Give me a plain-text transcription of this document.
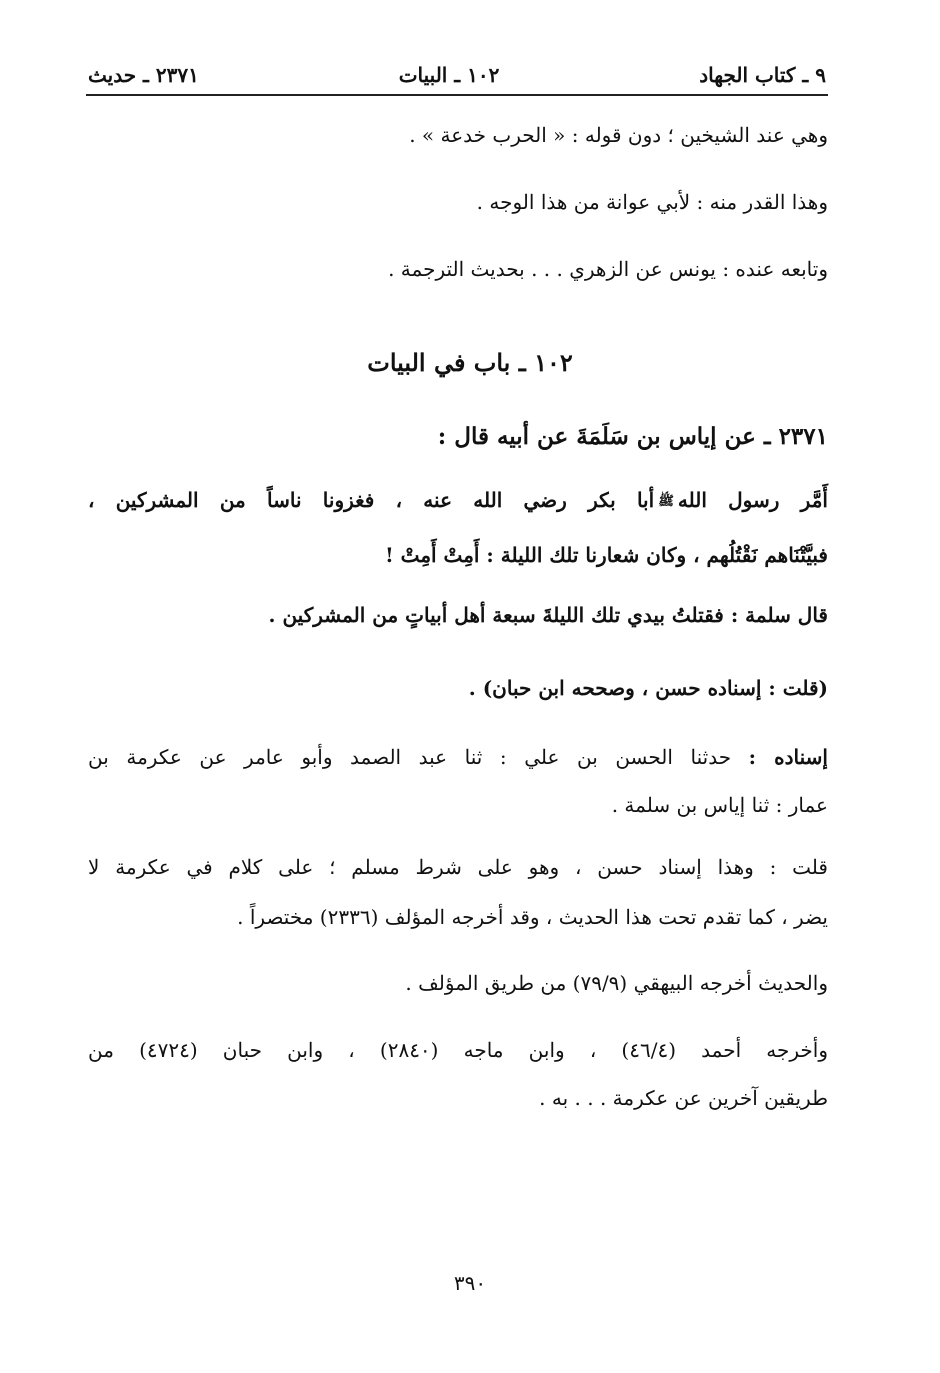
٩ ـ كتاب الجهاد
١٠٢ ـ البيات
٢٣٧١ ـ حديث
وهي عند الشيخين ؛ دون قوله : « الحرب خدعة » .
وهذا القدر منه : لأبي عوانة من هذا الوجه .
وتابعه عنده : يونس عن الزهري . . . بحديث الترجمة .
١٠٢ ـ باب في البيات
٢٣٧١ ـ عن إياس بن سَلَمَةَ عن أبيه قال :
أَمَّر رسول اللهﷺأبا بكر رضي الله عنه ، فغزونا ناساً من المشركين ،
فبيَّتْنَاهم نَقْتُلُهم ، وكان شعارنا تلك الليلة : أَمِتْ أَمِتْ !
قال سلمة : فقتلتُ بيدي تلك الليلةَ سبعة أهل أبياتٍ من المشركين .
(قلت : إسناده حسن ، وصححه ابن حبان) .
إسناده : حدثنا الحسن بن علي : ثنا عبد الصمد وأبو عامر عن عكرمة بن
عمار : ثنا إياس بن سلمة .
قلت : وهذا إسناد حسن ، وهو على شرط مسلم ؛ على كلام في عكرمة لا
يضر ، كما تقدم تحت هذا الحديث ، وقد أخرجه المؤلف (٢٣٣٦) مختصراً .
والحديث أخرجه البيهقي (٧٩/٩) من طريق المؤلف .
وأخرجه أحمد (٤٦/٤) ، وابن ماجه (٢٨٤٠) ، وابن حبان (٤٧٢٤) من
طريقين آخرين عن عكرمة . . . به .
٣٩٠
